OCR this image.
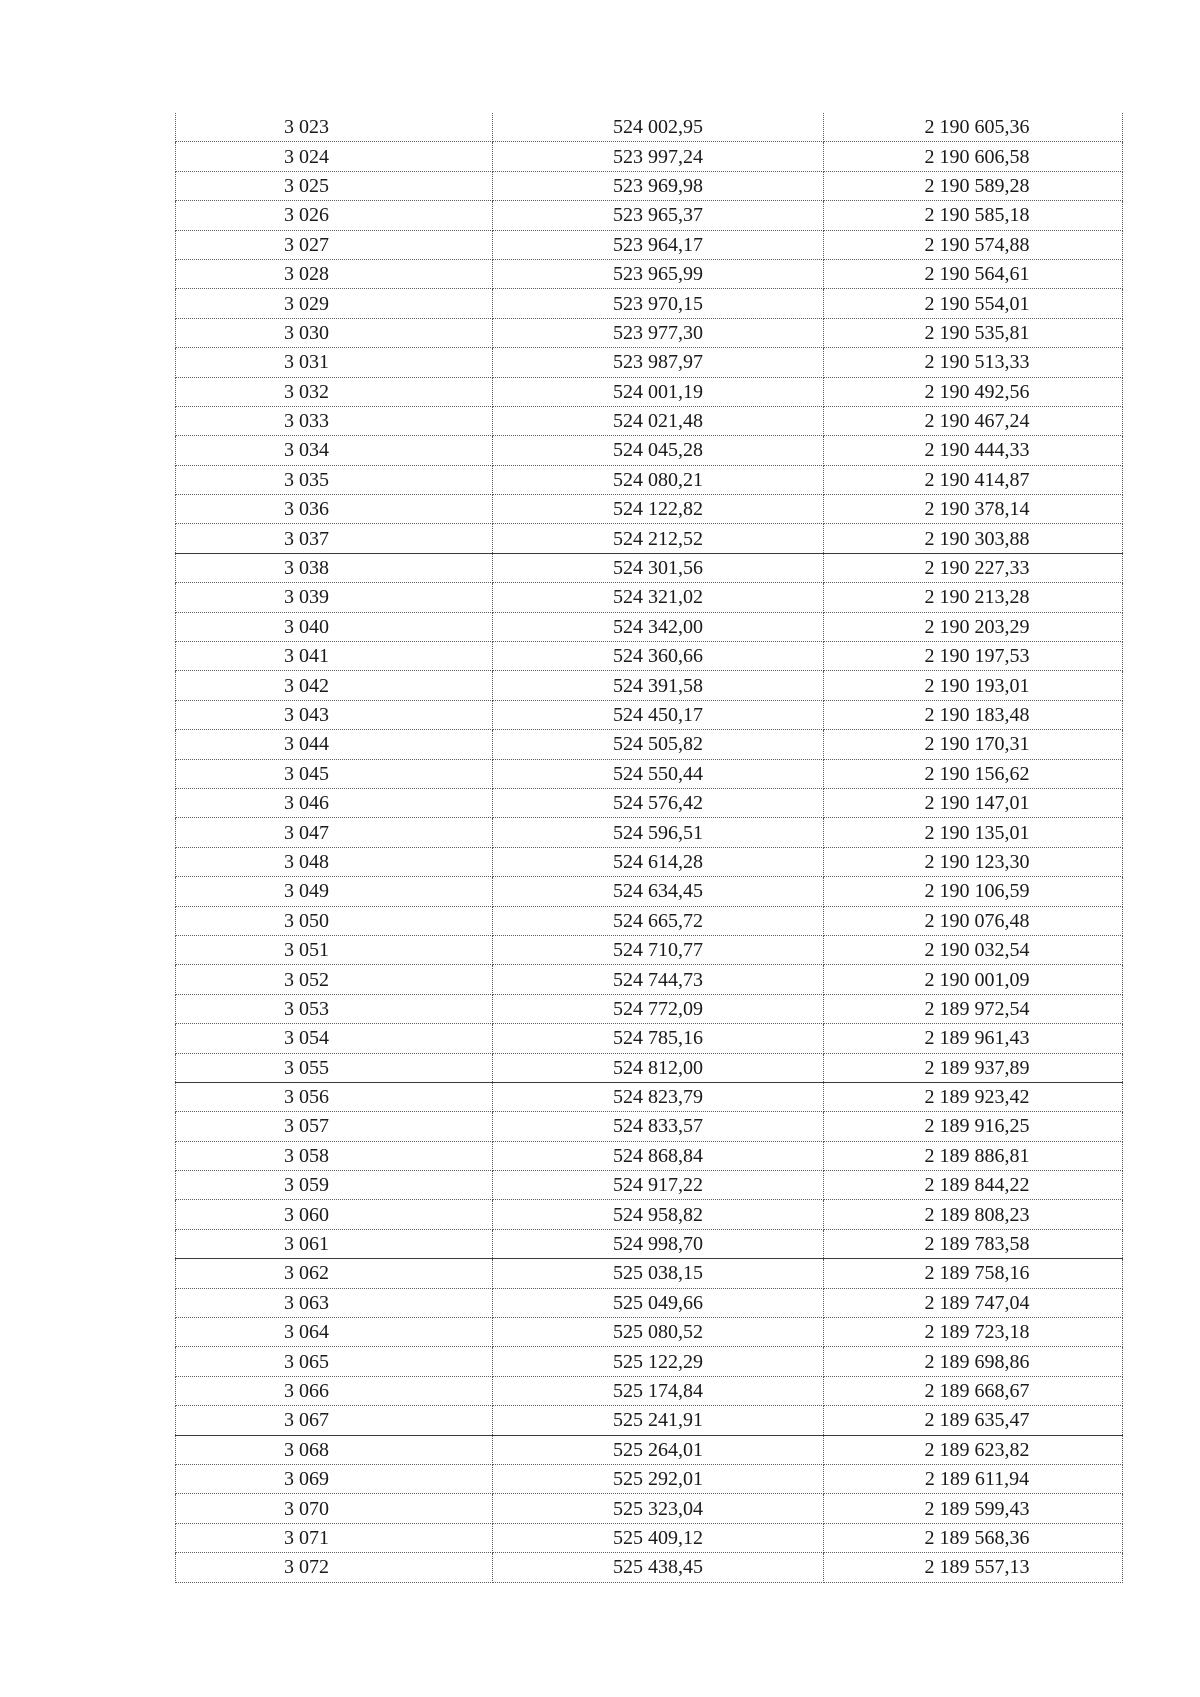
3 023	524 002,95	2 190 605,36
3 024	523 997,24	2 190 606,58
3 025	523 969,98	2 190 589,28
3 026	523 965,37	2 190 585,18
3 027	523 964,17	2 190 574,88
3 028	523 965,99	2 190 564,61
3 029	523 970,15	2 190 554,01
3 030	523 977,30	2 190 535,81
3 031	523 987,97	2 190 513,33
3 032	524 001,19	2 190 492,56
3 033	524 021,48	2 190 467,24
3 034	524 045,28	2 190 444,33
3 035	524 080,21	2 190 414,87
3 036	524 122,82	2 190 378,14
3 037	524 212,52	2 190 303,88
3 038	524 301,56	2 190 227,33
3 039	524 321,02	2 190 213,28
3 040	524 342,00	2 190 203,29
3 041	524 360,66	2 190 197,53
3 042	524 391,58	2 190 193,01
3 043	524 450,17	2 190 183,48
3 044	524 505,82	2 190 170,31
3 045	524 550,44	2 190 156,62
3 046	524 576,42	2 190 147,01
3 047	524 596,51	2 190 135,01
3 048	524 614,28	2 190 123,30
3 049	524 634,45	2 190 106,59
3 050	524 665,72	2 190 076,48
3 051	524 710,77	2 190 032,54
3 052	524 744,73	2 190 001,09
3 053	524 772,09	2 189 972,54
3 054	524 785,16	2 189 961,43
3 055	524 812,00	2 189 937,89
3 056	524 823,79	2 189 923,42
3 057	524 833,57	2 189 916,25
3 058	524 868,84	2 189 886,81
3 059	524 917,22	2 189 844,22
3 060	524 958,82	2 189 808,23
3 061	524 998,70	2 189 783,58
3 062	525 038,15	2 189 758,16
3 063	525 049,66	2 189 747,04
3 064	525 080,52	2 189 723,18
3 065	525 122,29	2 189 698,86
3 066	525 174,84	2 189 668,67
3 067	525 241,91	2 189 635,47
3 068	525 264,01	2 189 623,82
3 069	525 292,01	2 189 611,94
3 070	525 323,04	2 189 599,43
3 071	525 409,12	2 189 568,36
3 072	525 438,45	2 189 557,13
